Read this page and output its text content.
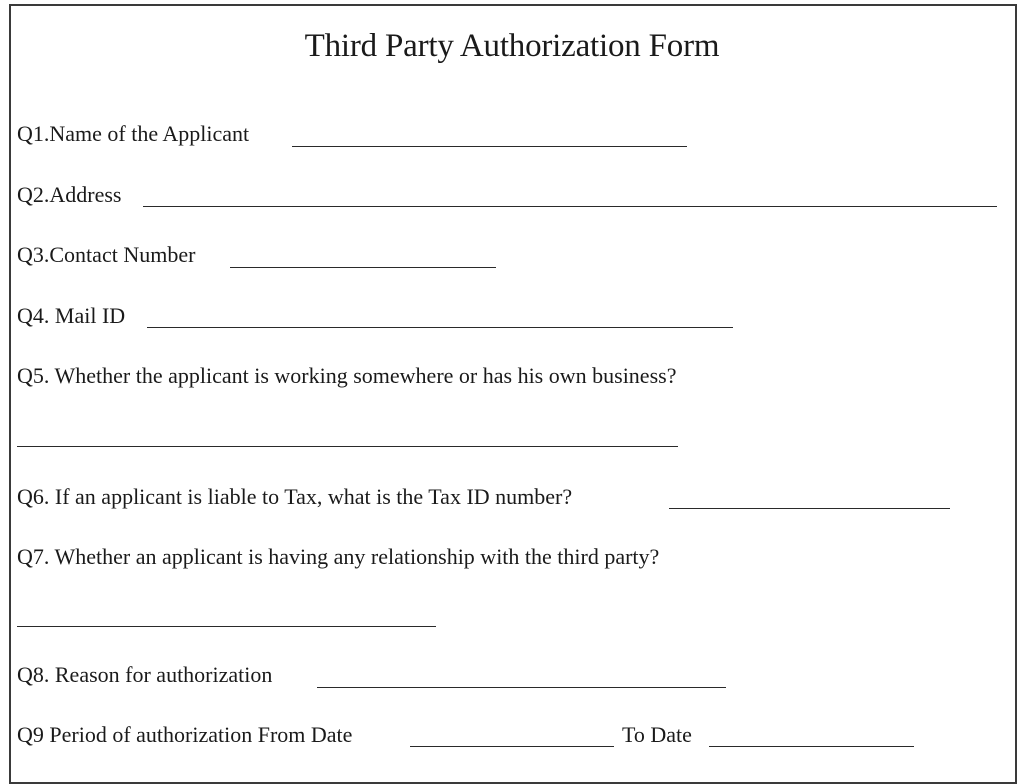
Third Party Authorization Form
Q1.Name of the Applicant
Q2.Address
Q3.Contact Number
Q4. Mail ID
Q5. Whether the applicant is working somewhere or has his own business?
Q6. If an applicant is liable to Tax, what is the Tax ID number?
Q7. Whether an applicant is having any relationship with the third party?
Q8. Reason for authorization
Q9 Period of authorization From Date	To Date
